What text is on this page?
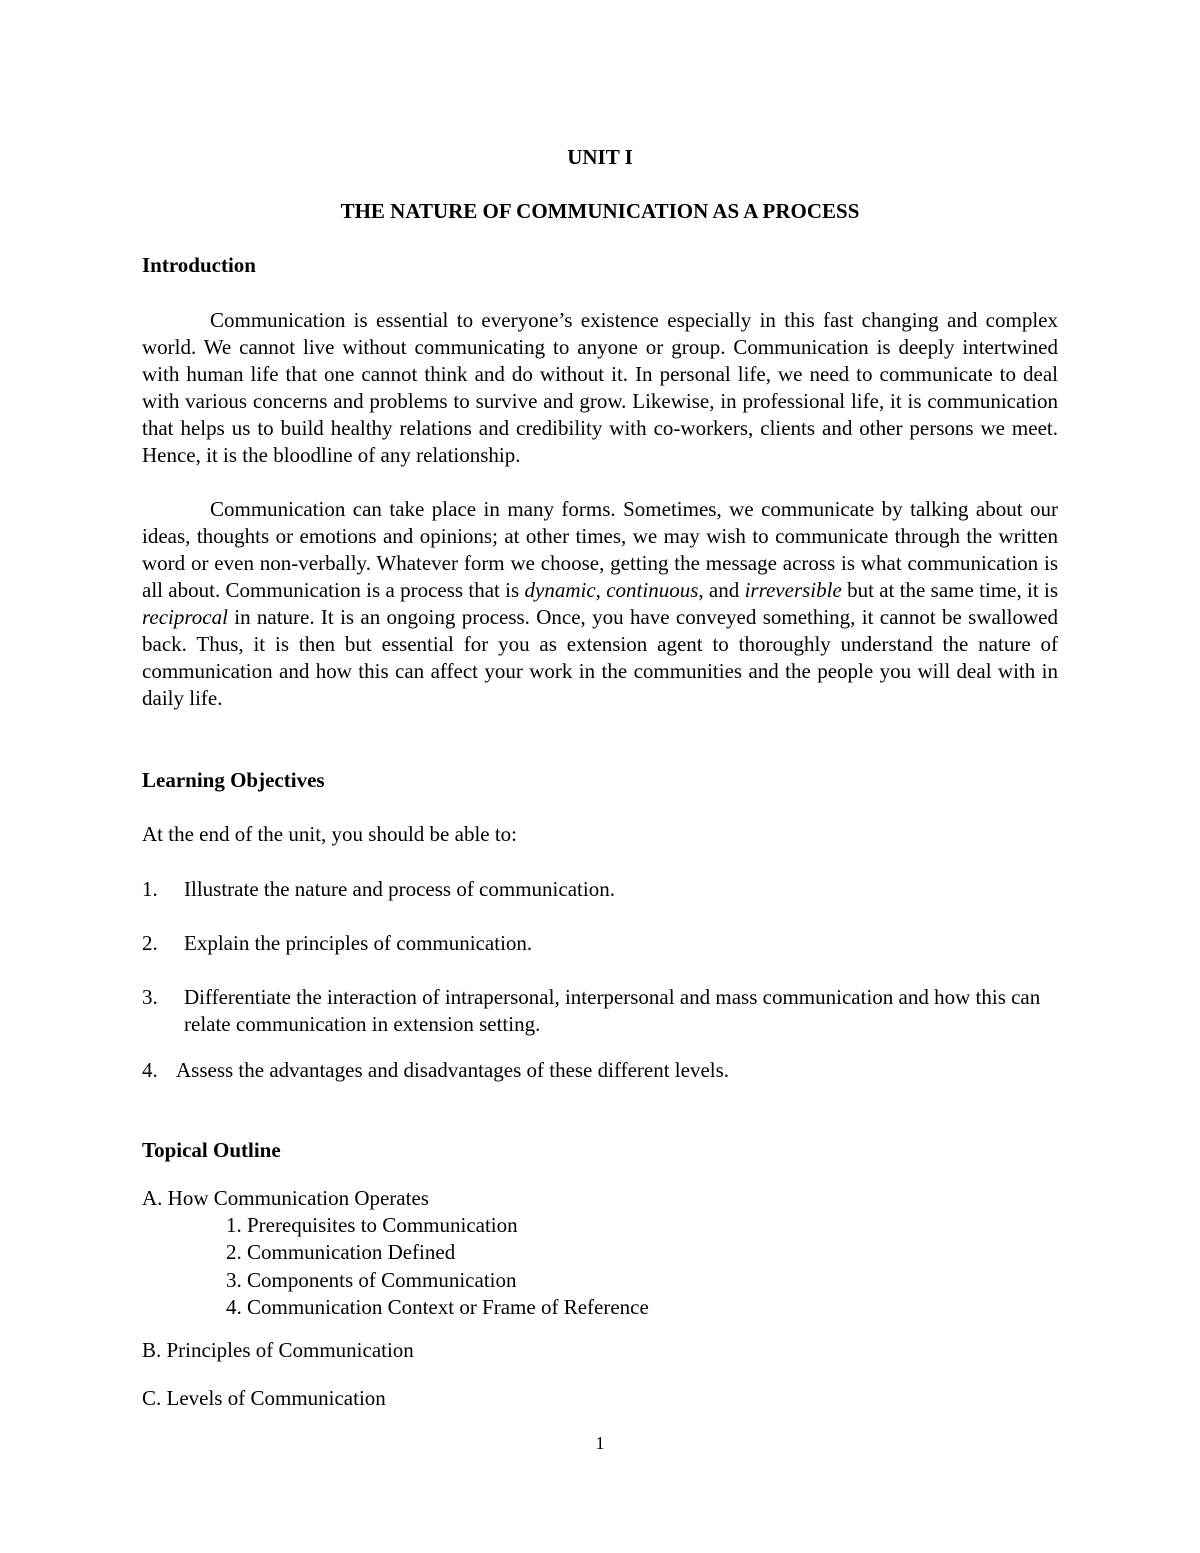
UNIT I
THE NATURE OF COMMUNICATION AS A PROCESS
Introduction

Communication is essential to everyone’s existence especially in this fast changing and complex world. We cannot live without communicating to anyone or group. Communication is deeply intertwined with human life that one cannot think and do without it. In personal life, we need to communicate to deal with various concerns and problems to survive and grow. Likewise, in professional life, it is communication that helps us to build healthy relations and credibility with co-workers, clients and other persons we meet. Hence, it is the bloodline of any relationship.

Communication can take place in many forms. Sometimes, we communicate by talking about our ideas, thoughts or emotions and opinions; at other times, we may wish to communicate through the written word or even non-verbally. Whatever form we choose, getting the message across is what communication is all about. Communication is a process that is dynamic, continuous, and irreversible but at the same time, it is reciprocal in nature. It is an ongoing process. Once, you have conveyed something, it cannot be swallowed back. Thus, it is then but essential for you as extension agent to thoroughly understand the nature of communication and how this can affect your work in the communities and the people you will deal with in daily life.

Learning Objectives
At the end of the unit, you should be able to:
1. Illustrate the nature and process of communication.
2. Explain the principles of communication.
3. Differentiate the interaction of intrapersonal, interpersonal and mass communication and how this can relate communication in extension setting.
4. Assess the advantages and disadvantages of these different levels.
Topical Outline
A. How Communication Operates
1. Prerequisites to Communication
2. Communication Defined
3. Components of Communication
4. Communication Context or Frame of Reference
B. Principles of Communication
C. Levels of Communication
1
